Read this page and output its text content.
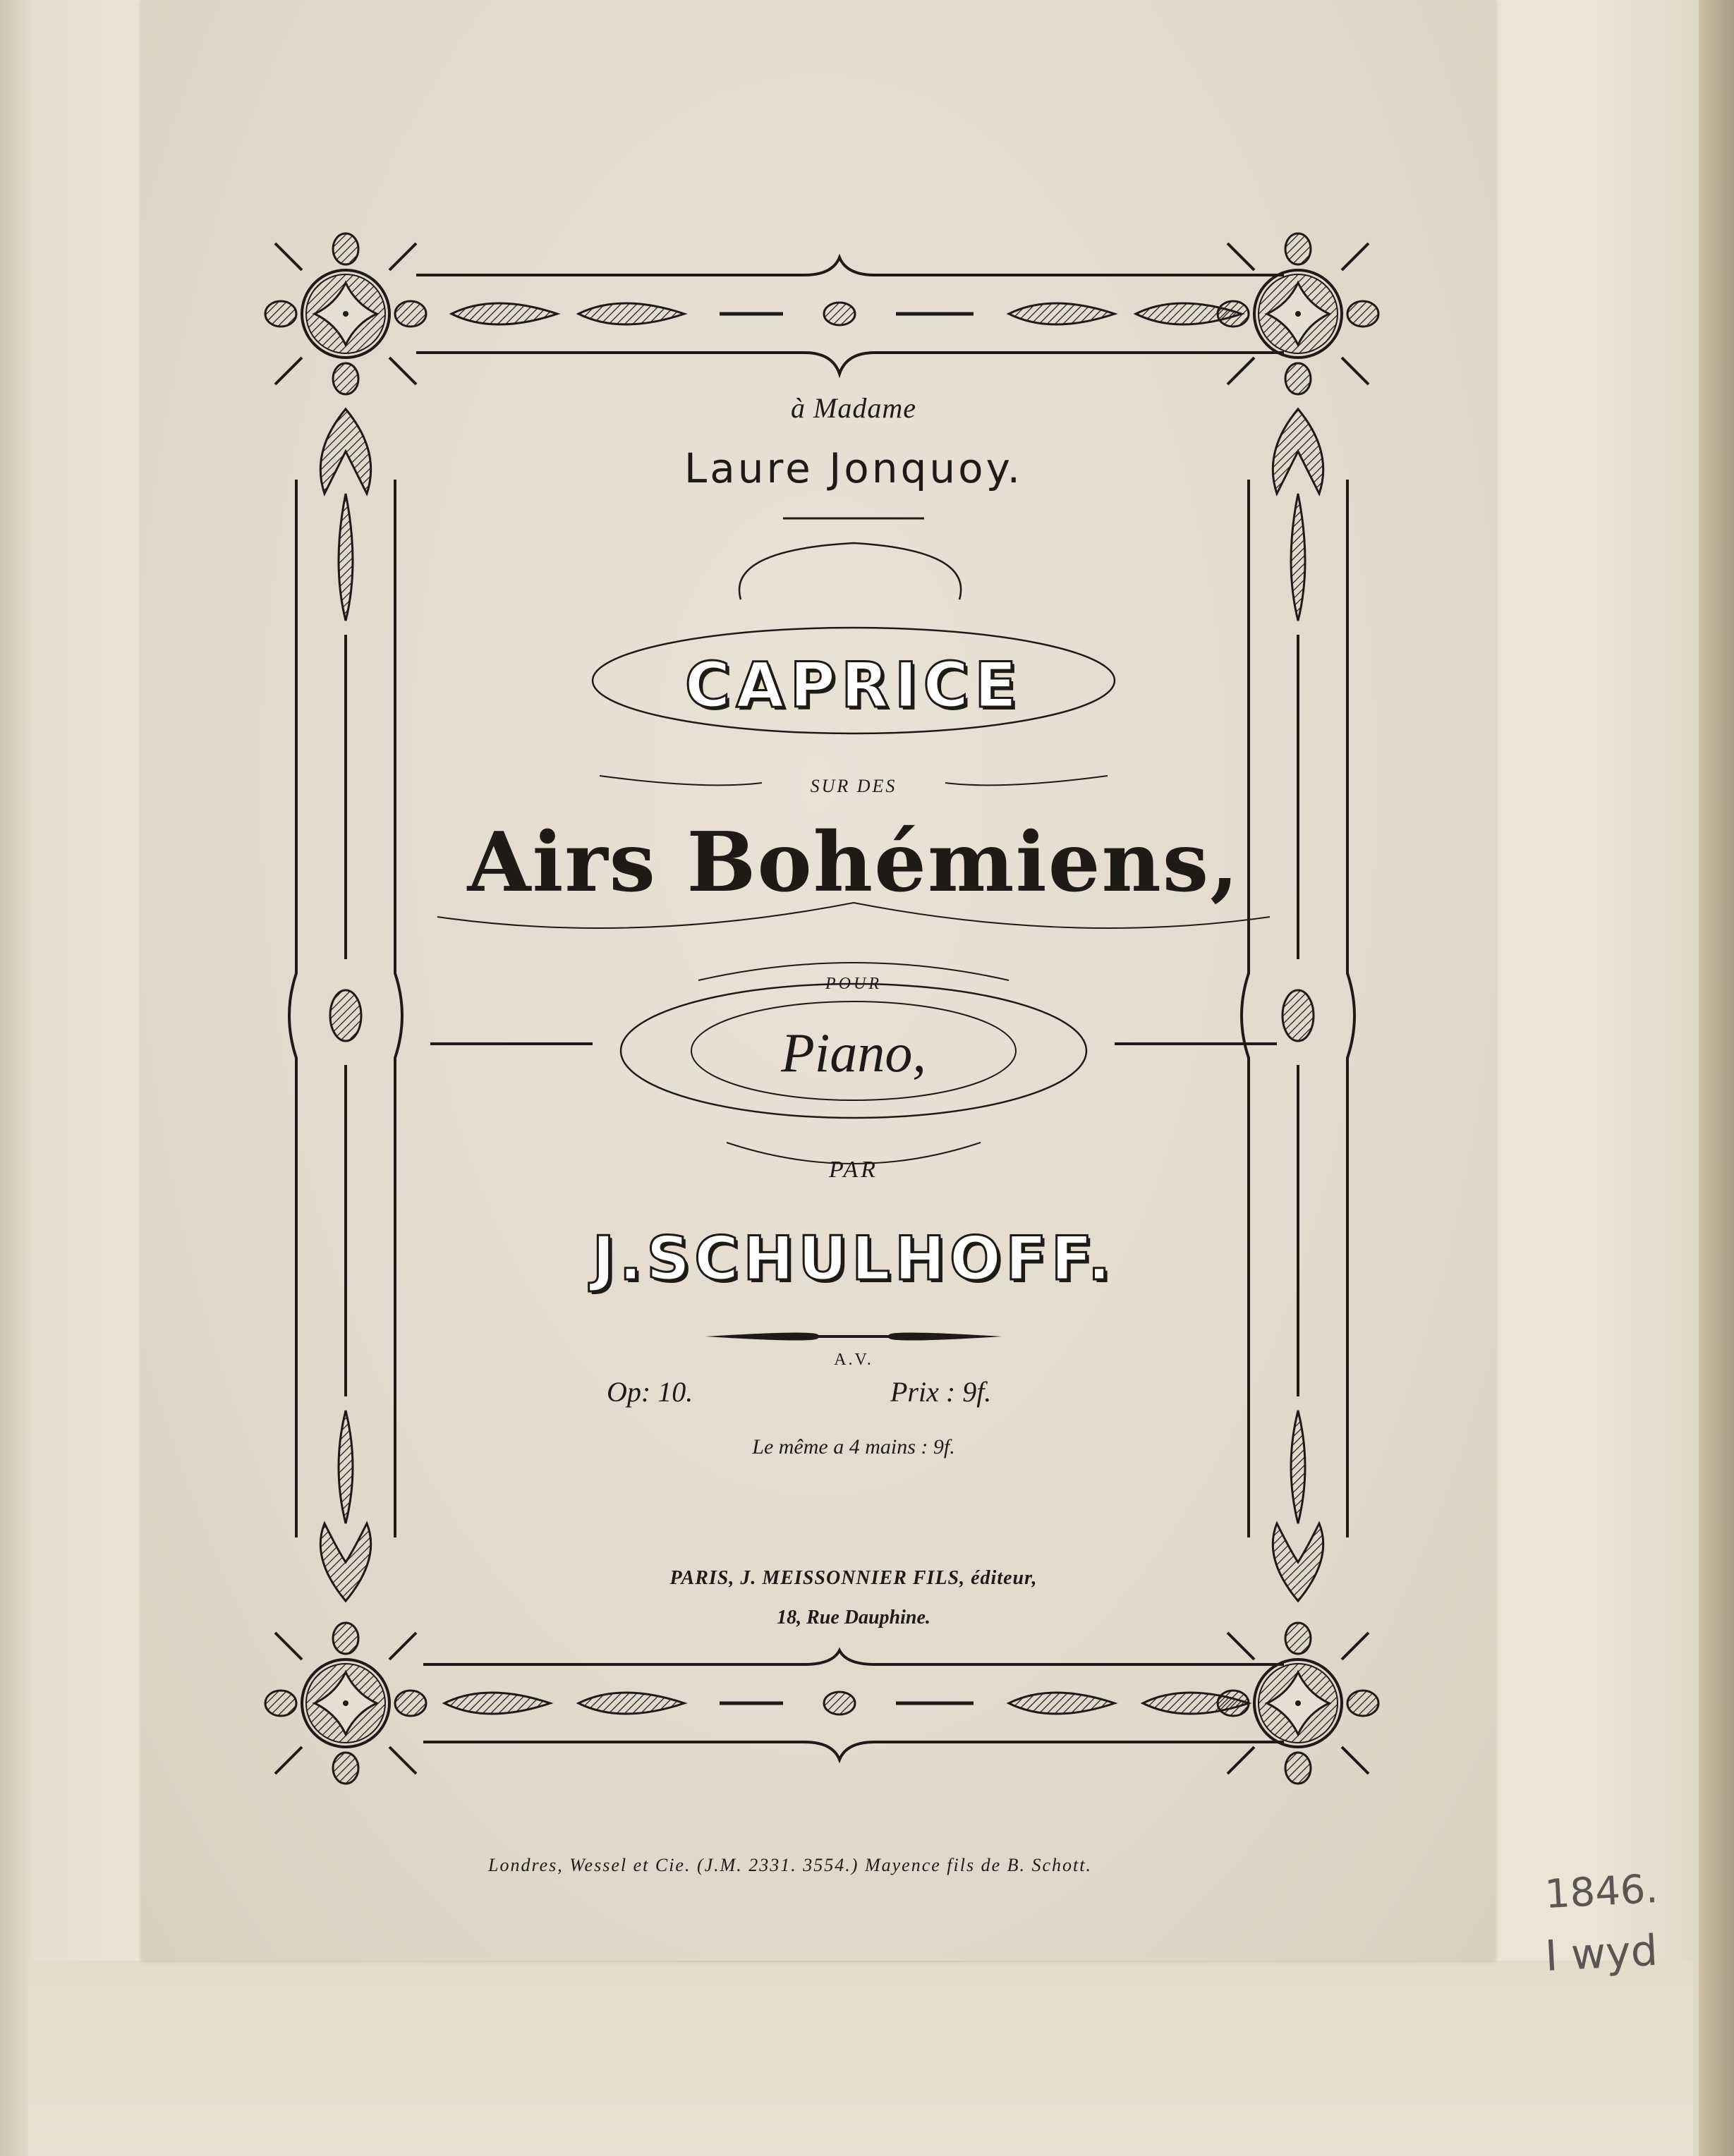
à Madame
Laure Jonquoy.
CAPRICE
SUR DES
Airs Bohémiens,
POUR
Piano,
PAR
J.SCHULHOFF.
A.V.
Op: 10.	Prix : 9f.
Le même a 4 mains : 9f.
PARIS, J. MEISSONNIER FILS, éditeur,
18, Rue Dauphine.
Londres, Wessel et Cie. (J.M. 2331. 3554.) Mayence fils de B. Schott.
1846.
I wyd
